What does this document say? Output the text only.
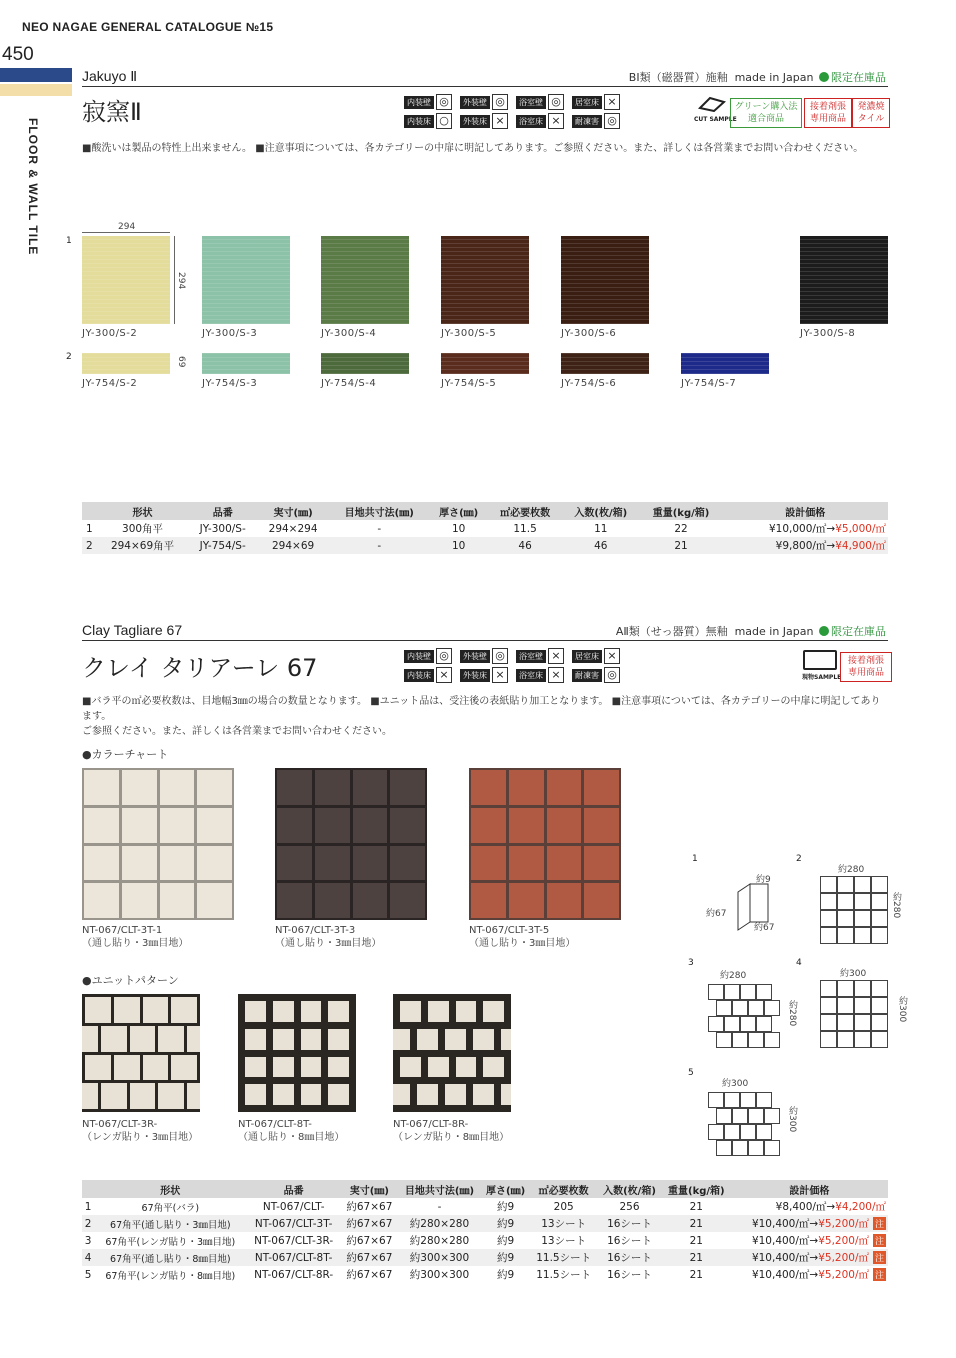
NEO NAGAE GENERAL CATALOGUE №15
450
FLOOR & WALL TILE
Jakuyo Ⅱ	BⅠ類（磁器質）施釉 made in Japan 限定在庫品
寂窯Ⅱ	内装壁 ◎	外装壁 ◎	浴室壁 ◎	居室床 ×
内装床 ○	外装床 ×	浴室床 ×	耐凍害 ◎	CUT SAMPLE
グリーン購入法
適合商品
接着剤張
専用商品
発濃焼
タイル
■酸洗いは製品の特性上出来ません。 ■注意事項については、各カテゴリーの中扉に明記してあります。ご参照ください。また、詳しくは各営業までお問い合わせください。
1
2
294
294
69
JY-300/S-2	JY-300/S-3	JY-300/S-4	JY-300/S-5	JY-300/S-6	JY-300/S-8
JY-754/S-2	JY-754/S-3	JY-754/S-4	JY-754/S-5	JY-754/S-6	JY-754/S-7
	形状	品番	実寸(㎜)	目地共寸法(㎜)	厚さ(㎜)	㎡必要枚数	入数(枚/箱)	重量(kg/箱)	設計価格
1	300角平	JY-300/S-	294×294	-	10	11.5	11	22	¥10,000/㎡→¥5,000/㎡
2	294×69角平	JY-754/S-	294×69	-	10	46	46	21	¥9,800/㎡→¥4,900/㎡
Clay Tagliare 67	AⅡ類（せっ器質）無釉 made in Japan 限定在庫品
クレイ タリアーレ 67	内装壁 ◎	外装壁 ◎	浴室壁 ×	居室床 ×
内装床 ×	外装床 ×	浴室床 ×	耐凍害 ◎	現物SAMPLE
接着剤張
専用商品
■バラ平の㎡必要枚数は、目地幅3㎜の場合の数量となります。 ■ユニット品は、受注後の表紙貼り加工となります。 ■注意事項については、各カテゴリーの中扉に明記してあります。
ご参照ください。また、詳しくは各営業までお問い合わせください。
●カラーチャート
NT-067/CLT-3T-1
（通し貼り・3㎜目地）
NT-067/CLT-3T-3
（通し貼り・3㎜目地）
NT-067/CLT-3T-5
（通し貼り・3㎜目地）
●ユニットパターン
NT-067/CLT-3R-
（レンガ貼り・3㎜目地）
NT-067/CLT-8T-
（通し貼り・8㎜目地）
NT-067/CLT-8R-
（レンガ貼り・8㎜目地）
1
約9
約67
約67
2
約280
約280
3
約280
約280
4
約300
約300
5
約300
約300
	形状	品番	実寸(㎜)	目地共寸法(㎜)	厚さ(㎜)	㎡必要枚数	入数(枚/箱)	重量(kg/箱)	設計価格
1	67角平(バラ)	NT-067/CLT-	約67×67	-	約9	205	256	21	¥8,400/㎡→¥4,200/㎡
2	67角平(通し貼り・3㎜目地)	NT-067/CLT-3T-	約67×67	約280×280	約9	13シート	16シート	21	¥10,400/㎡→¥5,200/㎡ 注
3	67角平(レンガ貼り・3㎜目地)	NT-067/CLT-3R-	約67×67	約280×280	約9	13シート	16シート	21	¥10,400/㎡→¥5,200/㎡ 注
4	67角平(通し貼り・8㎜目地)	NT-067/CLT-8T-	約67×67	約300×300	約9	11.5シート	16シート	21	¥10,400/㎡→¥5,200/㎡ 注
5	67角平(レンガ貼り・8㎜目地)	NT-067/CLT-8R-	約67×67	約300×300	約9	11.5シート	16シート	21	¥10,400/㎡→¥5,200/㎡ 注
